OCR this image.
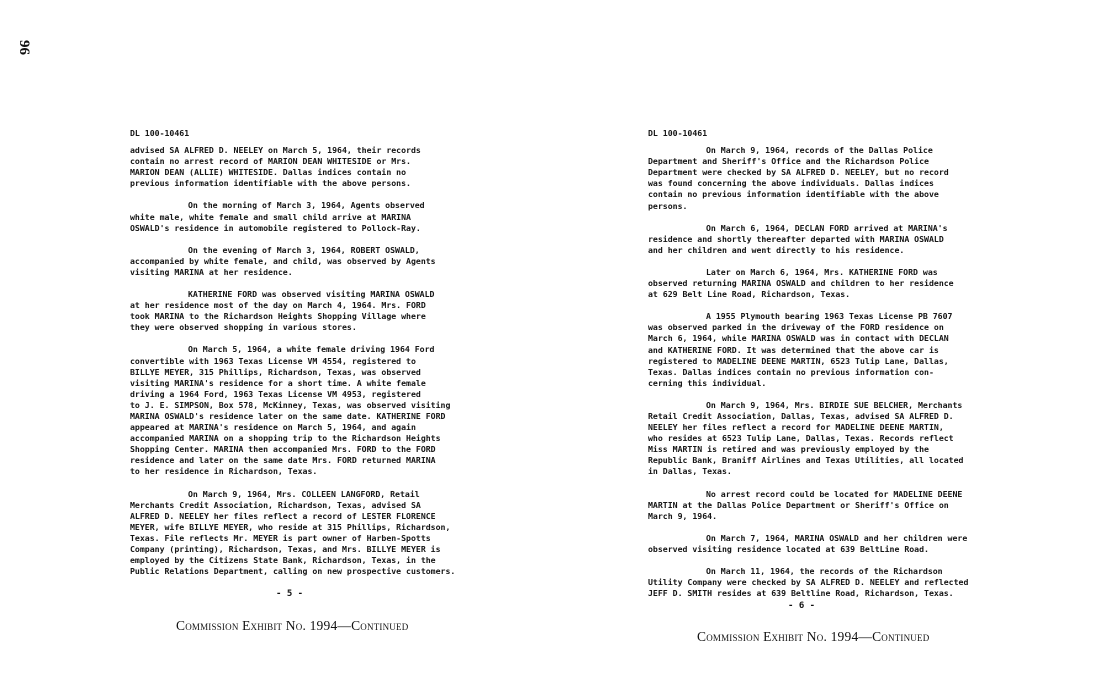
96
DL 100-10461

advised SA ALFRED D. NEELEY on March 5, 1964, their records
contain no arrest record of MARION DEAN WHITESIDE or Mrs.
MARION DEAN (ALLIE) WHITESIDE. Dallas indices contain no
previous information identifiable with the above persons.

On the morning of March 3, 1964, Agents observed
white male, white female and small child arrive at MARINA
OSWALD's residence in automobile registered to Pollock-Ray.

On the evening of March 3, 1964, ROBERT OSWALD,
accompanied by white female, and child, was observed by Agents
visiting MARINA at her residence.

KATHERINE FORD was observed visiting MARINA OSWALD
at her residence most of the day on March 4, 1964. Mrs. FORD
took MARINA to the Richardson Heights Shopping Village where
they were observed shopping in various stores.

On March 5, 1964, a white female driving 1964 Ford
convertible with 1963 Texas License VM 4554, registered to
BILLYE MEYER, 315 Phillips, Richardson, Texas, was observed
visiting MARINA's residence for a short time. A white female
driving a 1964 Ford, 1963 Texas License VM 4953, registered
to J. E. SIMPSON, Box 578, McKinney, Texas, was observed visiting
MARINA OSWALD's residence later on the same date. KATHERINE FORD
appeared at MARINA's residence on March 5, 1964, and again
accompanied MARINA on a shopping trip to the Richardson Heights
Shopping Center. MARINA then accompanied Mrs. FORD to the FORD
residence and later on the same date Mrs. FORD returned MARINA
to her residence in Richardson, Texas.

On March 9, 1964, Mrs. COLLEEN LANGFORD, Retail
Merchants Credit Association, Richardson, Texas, advised SA
ALFRED D. NEELEY her files reflect a record of LESTER FLORENCE
MEYER, wife BILLYE MEYER, who reside at 315 Phillips, Richardson,
Texas. File reflects Mr. MEYER is part owner of Harben-Spotts
Company (printing), Richardson, Texas, and Mrs. BILLYE MEYER is
employed by the Citizens State Bank, Richardson, Texas, in the
Public Relations Department, calling on new prospective customers.

- 5 -
Commission Exhibit No. 1994—Continued
DL 100-10461

On March 9, 1964, records of the Dallas Police
Department and Sheriff's Office and the Richardson Police
Department were checked by SA ALFRED D. NEELEY, but no record
was found concerning the above individuals. Dallas indices
contain no previous information identifiable with the above
persons.

On March 6, 1964, DECLAN FORD arrived at MARINA's
residence and shortly thereafter departed with MARINA OSWALD
and her children and went directly to his residence.

Later on March 6, 1964, Mrs. KATHERINE FORD was
observed returning MARINA OSWALD and children to her residence
at 629 Belt Line Road, Richardson, Texas.

A 1955 Plymouth bearing 1963 Texas License PB 7607
was observed parked in the driveway of the FORD residence on
March 6, 1964, while MARINA OSWALD was in contact with DECLAN
and KATHERINE FORD. It was determined that the above car is
registered to MADELINE DEENE MARTIN, 6523 Tulip Lane, Dallas,
Texas. Dallas indices contain no previous information con-
cerning this individual.

On March 9, 1964, Mrs. BIRDIE SUE BELCHER, Merchants
Retail Credit Association, Dallas, Texas, advised SA ALFRED D.
NEELEY her files reflect a record for MADELINE DEENE MARTIN,
who resides at 6523 Tulip Lane, Dallas, Texas. Records reflect
Miss MARTIN is retired and was previously employed by the
Republic Bank, Braniff Airlines and Texas Utilities, all located
in Dallas, Texas.

No arrest record could be located for MADELINE DEENE
MARTIN at the Dallas Police Department or Sheriff's Office on
March 9, 1964.

On March 7, 1964, MARINA OSWALD and her children were
observed visiting residence located at 639 BeltLine Road.

On March 11, 1964, the records of the Richardson
Utility Company were checked by SA ALFRED D. NEELEY and reflected
JEFF D. SMITH resides at 639 Beltline Road, Richardson, Texas.

- 6 -
Commission Exhibit No. 1994—Continued
